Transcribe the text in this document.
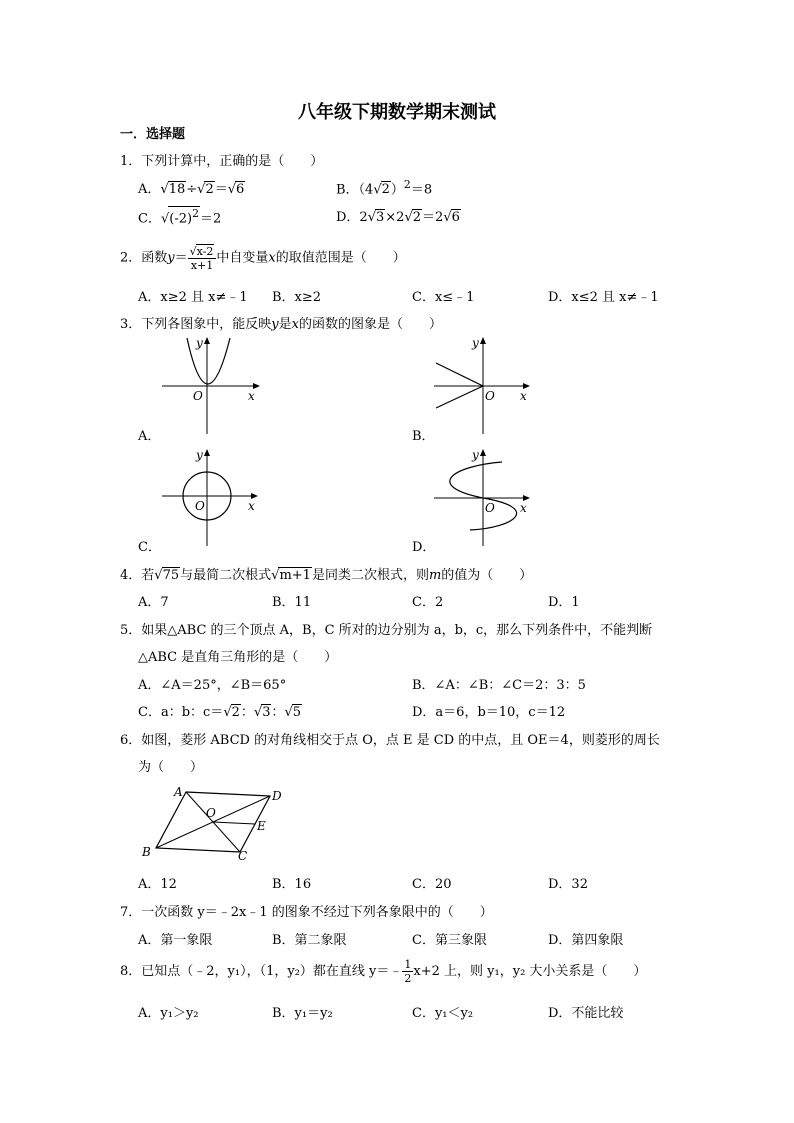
八年级下期数学期末测试
一．选择题
1．下列计算中，正确的是（　　）
A．√18÷√2＝√6	B．$(4√2)^2=8$
C．$√(-2)^2=2$	D．2√3×2√2＝2√6
2．函数$y= \frac{√x-2}{x+1}$ 中自变量x的取值范围是（　　）
A．x≥2 且 x≠﹣1 B．x≥2	C．x≤﹣1	D．x≤2 且 x≠﹣1
3．下列各图象中，能反映y是x的函数的图象是（　　）
x
y
O
A．
x
y
O
B．
x
y
O
C．
x
y
O
D．
4．若√75与最简二次根式√m+1是同类二次根式，则m的值为（　　）
A．7	B．11	C．2	D．1
5．如果△ABC 的三个顶点 A，B，C 所对的边分别为 a，b，c，那么下列条件中，不能判断
△ABC 是直角三角形的是（　　）
A．∠A＝25°，∠B＝65°	B．∠A：∠B：∠C＝2：3：5
C．a：b：c＝√2：√3：√5	D．a＝6，b＝10，c＝12
6．如图，菱形 ABCD 的对角线相交于点 O，点 E 是 CD 的中点，且 OE＝4，则菱形的周长
为（　　）
A	D
B	C
O
E
A．12	B．16	C．20	D．32
7．一次函数 y＝﹣2x﹣1 的图象不经过下列各象限中的（　　）
A．第一象限	B．第二象限	C．第三象限	D．第四象限
8．已知点（﹣2，y₁），（1，y₂）都在直线 y＝﹣ $\frac{1}{2} x+2$ 上，则 y₁，y₂ 大小关系是（　　）
A．y₁＞y₂	B．y₁＝y₂	C．y₁＜y₂	D．不能比较
